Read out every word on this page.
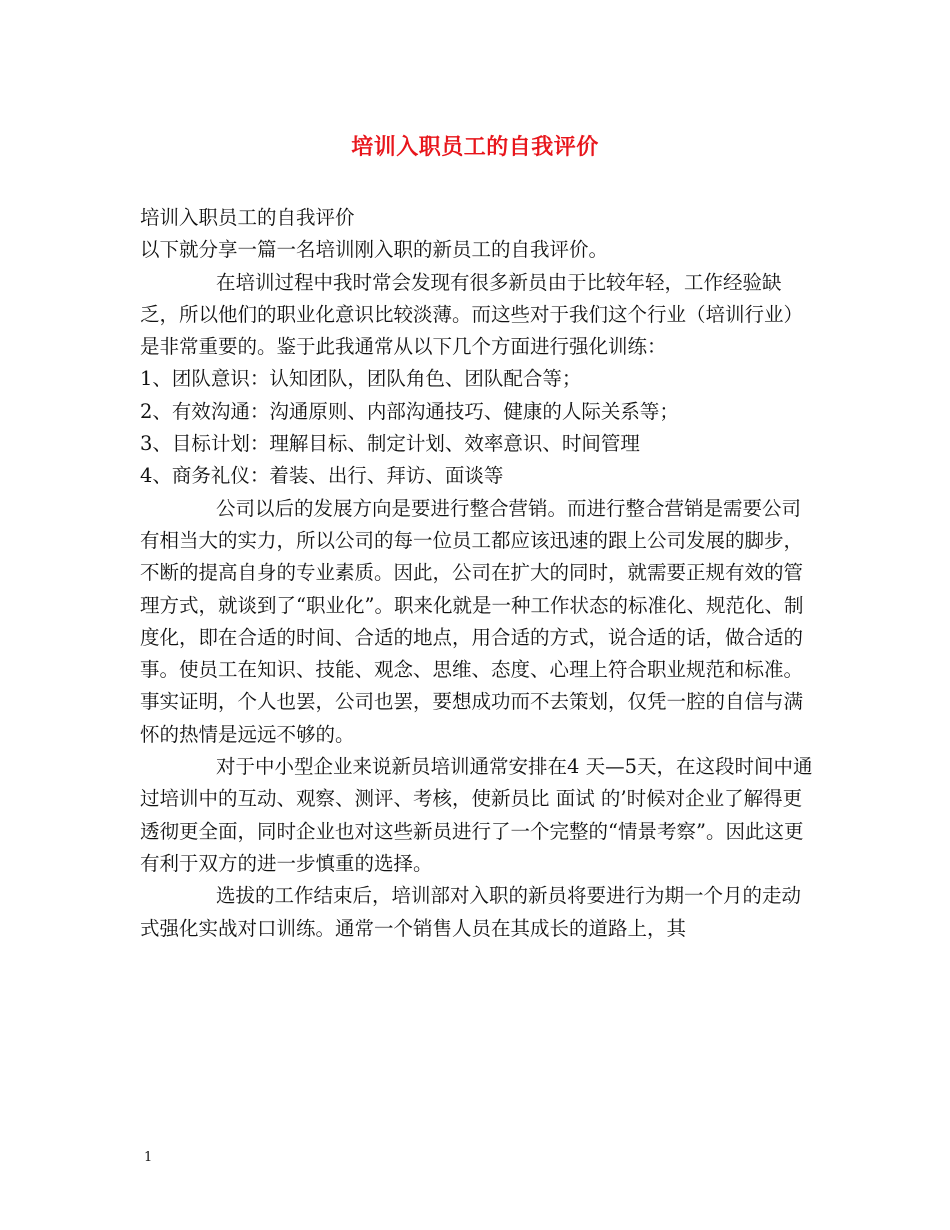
培训入职员工的自我评价

培训入职员工的自我评价

以下就分享一篇一名培训刚入职的新员工的自我评价。

在培训过程中我时常会发现有很多新员由于比较年轻，工作经验缺乏，所以他们的职业化意识比较淡薄。而这些对于我们这个行业（培训行业）是非常重要的。鉴于此我通常从以下几个方面进行强化训练：

1、团队意识：认知团队，团队角色、团队配合等；

2、有效沟通：沟通原则、内部沟通技巧、健康的人际关系等；

3、目标计划：理解目标、制定计划、效率意识、时间管理

4、商务礼仪：着装、出行、拜访、面谈等

公司以后的发展方向是要进行整合营销。而进行整合营销是需要公司有相当大的实力，所以公司的每一位员工都应该迅速的跟上公司发展的脚步，不断的提高自身的专业素质。因此，公司在扩大的同时，就需要正规有效的管理方式，就谈到了“职业化”。职来化就是一种工作状态的标准化、规范化、制度化，即在合适的时间、合适的地点，用合适的方式，说合适的话，做合适的事。使员工在知识、技能、观念、思维、态度、心理上符合职业规范和标准。事实证明，个人也罢，公司也罢，要想成功而不去策划，仅凭一腔的自信与满怀的热情是远远不够的。

对于中小型企业来说新员培训通常安排在4 天—5天，在这段时间中通过培训中的互动、观察、测评、考核，使新员比 面试 的’时候对企业了解得更透彻更全面，同时企业也对这些新员进行了一个完整的“情景考察”。因此这更有利于双方的进一步慎重的选择。

选拔的工作结束后，培训部对入职的新员将要进行为期一个月的走动式强化实战对口训练。通常一个销售人员在其成长的道路上，其

1
